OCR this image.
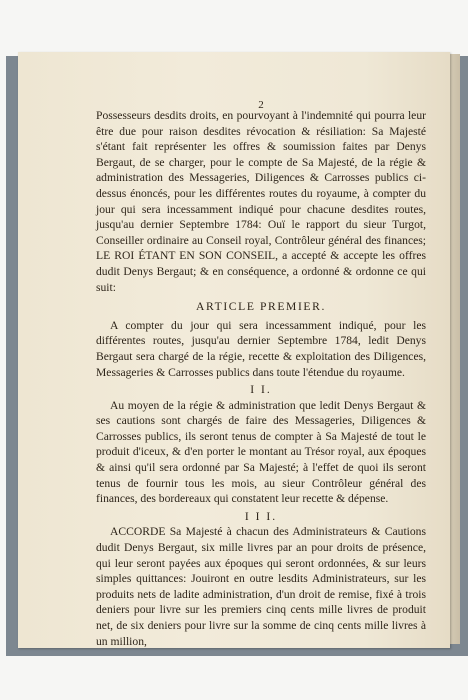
2

Possesseurs desdits droits, en pourvoyant à l'indemnité qui pourra leur être due pour raison desdites révocation & résiliation: Sa Majesté s'étant fait représenter les offres & soumission faites par Denys Bergaut, de se charger, pour le compte de Sa Majesté, de la régie & administration des Messageries, Diligences & Carrosses publics ci-dessus énoncés, pour les différentes routes du royaume, à compter du jour qui sera incessamment indiqué pour chacune desdites routes, jusqu'au dernier Septembre 1784: Ouï le rapport du sieur Turgot, Conseiller ordinaire au Conseil royal, Contrôleur général des finances; LE ROI ÉTANT EN SON CONSEIL, a accepté & accepte les offres dudit Denys Bergaut; & en conséquence, a ordonné & ordonne ce qui suit:

ARTICLE PREMIER.

A compter du jour qui sera incessamment indiqué, pour les différentes routes, jusqu'au dernier Septembre 1784, ledit Denys Bergaut sera chargé de la régie, recette & exploitation des Diligences, Messageries & Carrosses publics dans toute l'étendue du royaume.

I I.

Au moyen de la régie & administration que ledit Denys Bergaut & ses cautions sont chargés de faire des Messageries, Diligences & Carrosses publics, ils seront tenus de compter à Sa Majesté de tout le produit d'iceux, & d'en porter le montant au Trésor royal, aux époques & ainsi qu'il sera ordonné par Sa Majesté; à l'effet de quoi ils seront tenus de fournir tous les mois, au sieur Contrôleur général des finances, des bordereaux qui constatent leur recette & dépense.

I I I.

ACCORDE Sa Majesté à chacun des Administrateurs & Cautions dudit Denys Bergaut, six mille livres par an pour droits de présence, qui leur seront payées aux époques qui seront ordonnées, & sur leurs simples quittances: Jouiront en outre lesdits Administrateurs, sur les produits nets de ladite administration, d'un droit de remise, fixé à trois deniers pour livre sur les premiers cinq cents mille livres de produit net, de six deniers pour livre sur la somme de cinq cents mille livres à un million,
